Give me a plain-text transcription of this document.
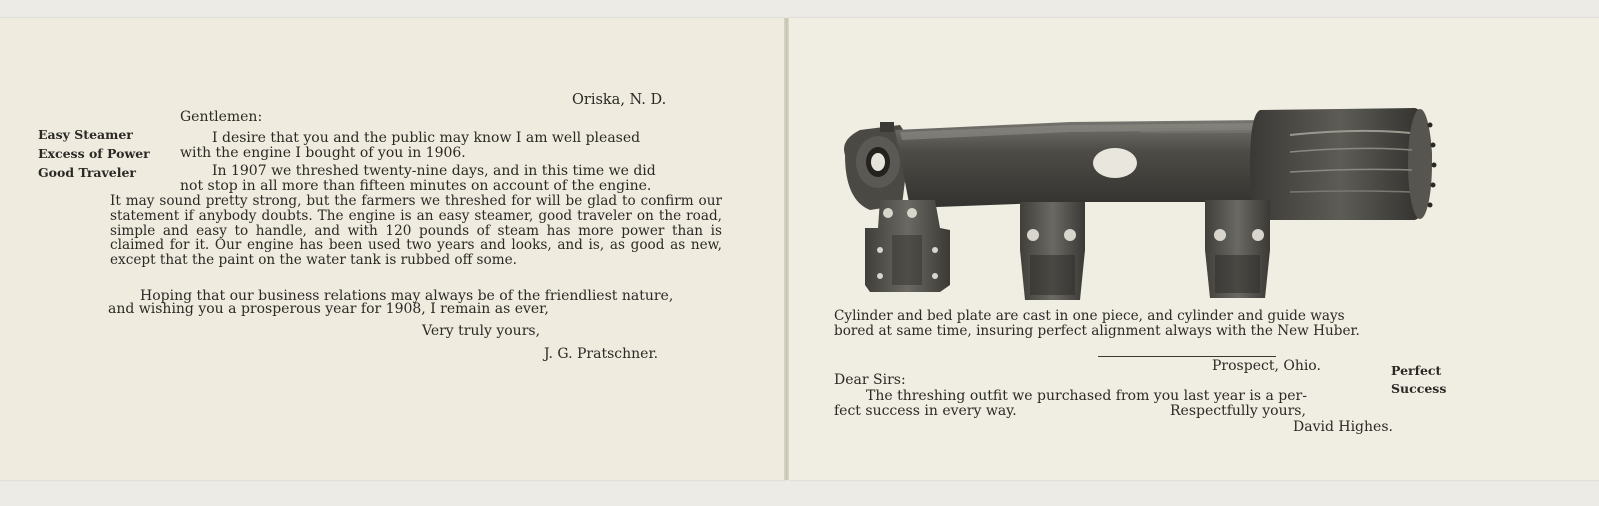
Oriska, N. D.
Gentlemen:
Easy Steamer
Excess of Power
Good Traveler
I desire that you and the public may know I am well pleased
with the engine I bought of you in 1906.
In 1907 we threshed twenty-nine days, and in this time we did
not stop in all more than fifteen minutes on account of the engine.

It may sound pretty strong, but the farmers we threshed for will be glad to confirm our statement if anybody doubts. The engine is an easy steamer, good traveler on the road, simple and easy to handle, and with 120 pounds of steam has more power than is claimed for it. Our engine has been used two years and looks, and is, as good as new, except that the paint on the water tank is rubbed off some.

Hoping that our business relations may always be of the friendliest nature,
and wishing you a prosperous year for 1908, I remain as ever,
Very truly yours,
J. G. Pratschner.
Cylinder and bed plate are cast in one piece, and cylinder and guide ways
bored at same time, insuring perfect alignment always with the New Huber.
Prospect, Ohio.	Perfect
Success
Dear Sirs:
The threshing outfit we purchased from you last year is a per-
fect success in every way.	Respectfully yours,
David Highes.
